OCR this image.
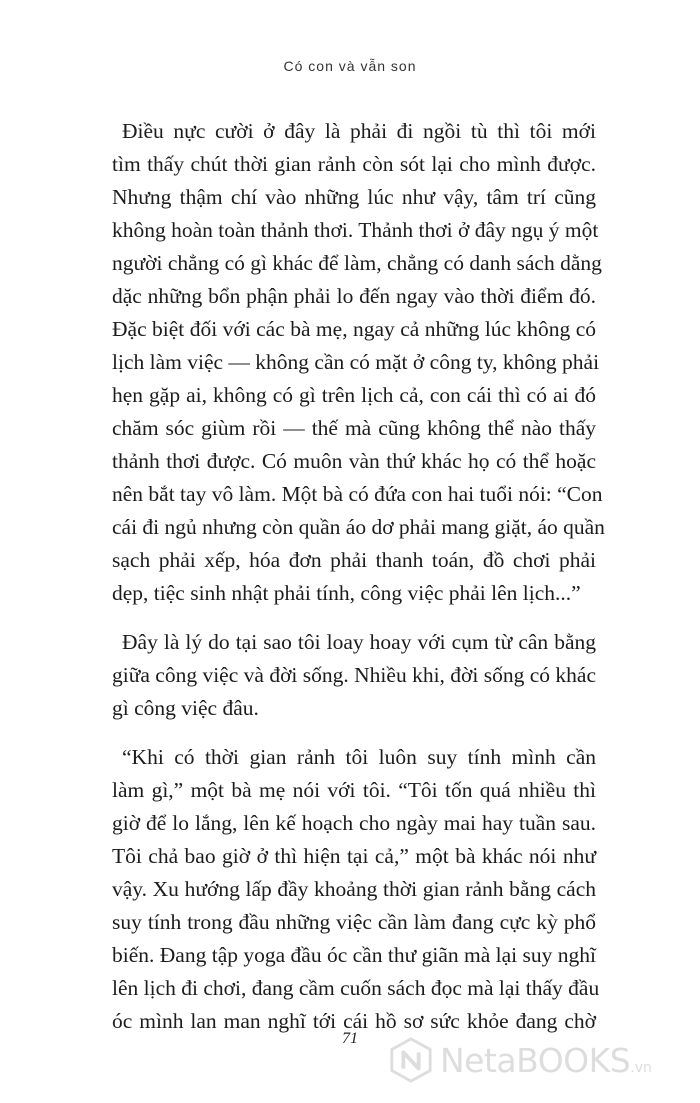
Có con và vẫn son
Điều nực cười ở đây là phải đi ngồi tù thì tôi mới
tìm thấy chút thời gian rảnh còn sót lại cho mình được.
Nhưng thậm chí vào những lúc như vậy, tâm trí cũng
không hoàn toàn thảnh thơi. Thảnh thơi ở đây ngụ ý một
người chẳng có gì khác để làm, chẳng có danh sách dằng
dặc những bổn phận phải lo đến ngay vào thời điểm đó.
Đặc biệt đối với các bà mẹ, ngay cả những lúc không có
lịch làm việc — không cần có mặt ở công ty, không phải
hẹn gặp ai, không có gì trên lịch cả, con cái thì có ai đó
chăm sóc giùm rồi — thế mà cũng không thể nào thấy
thảnh thơi được. Có muôn vàn thứ khác họ có thể hoặc
nên bắt tay vô làm. Một bà có đứa con hai tuổi nói: “Con
cái đi ngủ nhưng còn quần áo dơ phải mang giặt, áo quần
sạch phải xếp, hóa đơn phải thanh toán, đồ chơi phải
dẹp, tiệc sinh nhật phải tính, công việc phải lên lịch...”
Đây là lý do tại sao tôi loay hoay với cụm từ cân bằng
giữa công việc và đời sống. Nhiều khi, đời sống có khác
gì công việc đâu.
“Khi có thời gian rảnh tôi luôn suy tính mình cần
làm gì,” một bà mẹ nói với tôi. “Tôi tốn quá nhiều thì
giờ để lo lắng, lên kế hoạch cho ngày mai hay tuần sau.
Tôi chả bao giờ ở thì hiện tại cả,” một bà khác nói như
vậy. Xu hướng lấp đầy khoảng thời gian rảnh bằng cách
suy tính trong đầu những việc cần làm đang cực kỳ phổ
biến. Đang tập yoga đầu óc cần thư giãn mà lại suy nghĩ
lên lịch đi chơi, đang cầm cuốn sách đọc mà lại thấy đầu
óc mình lan man nghĩ tới cái hồ sơ sức khỏe đang chờ
71
NetaBOOKS.vn
